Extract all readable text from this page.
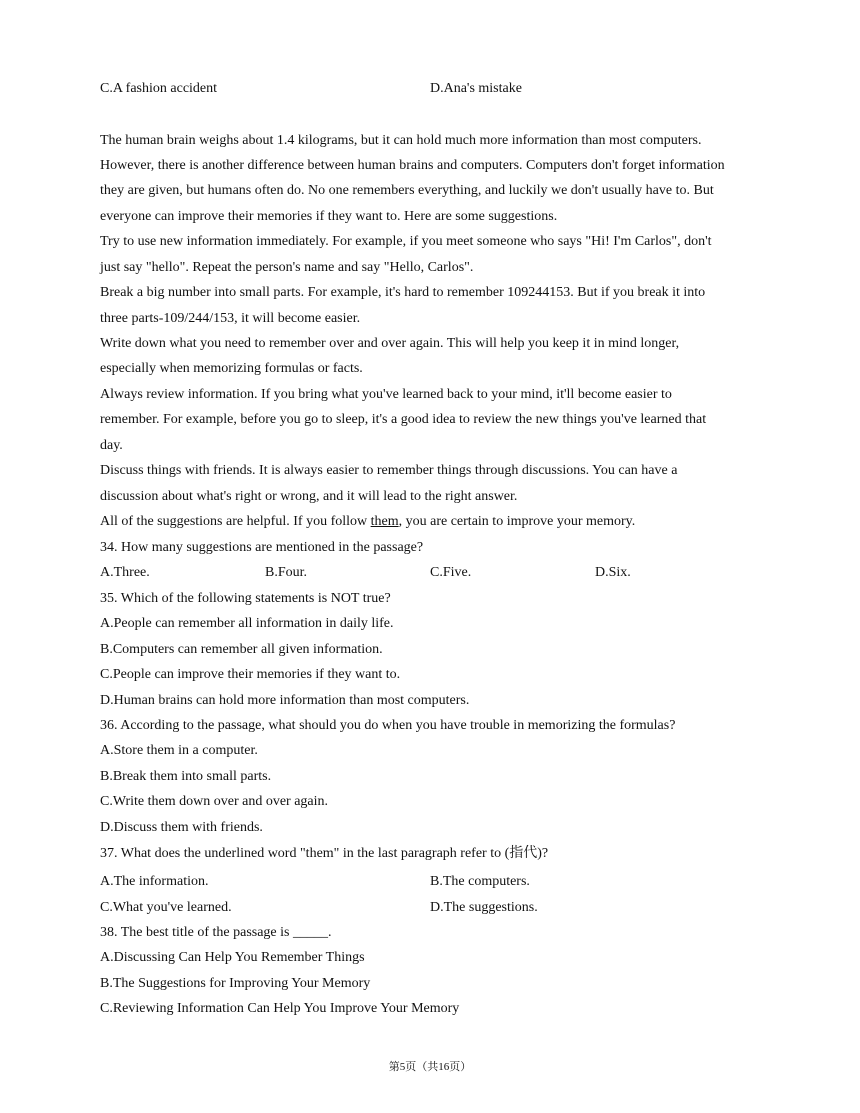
C.A fashion accident	D.Ana's mistake
The human brain weighs about 1.4 kilograms, but it can hold much more information than most computers.
However, there is another difference between human brains and computers. Computers don't forget information
they are given, but humans often do. No one remembers everything, and luckily we don't usually have to. But
everyone can improve their memories if they want to. Here are some suggestions.
Try to use new information immediately. For example, if you meet someone who says "Hi! I'm Carlos", don't
just say "hello". Repeat the person's name and say "Hello, Carlos".
Break a big number into small parts. For example, it's hard to remember 109244153. But if you break it into
three parts-109/244/153, it will become easier.
Write down what you need to remember over and over again. This will help you keep it in mind longer,
especially when memorizing formulas or facts.
Always review information. If you bring what you've learned back to your mind, it'll become easier to
remember. For example, before you go to sleep, it's a good idea to review the new things you've learned that
day.
Discuss things with friends. It is always easier to remember things through discussions. You can have a
discussion about what's right or wrong, and it will lead to the right answer.
All of the suggestions are helpful. If you follow them, you are certain to improve your memory.
34. How many suggestions are mentioned in the passage?
A.Three.	B.Four.	C.Five.	D.Six.
35. Which of the following statements is NOT true?
A.People can remember all information in daily life.
B.Computers can remember all given information.
C.People can improve their memories if they want to.
D.Human brains can hold more information than most computers.
36. According to the passage, what should you do when you have trouble in memorizing the formulas?
A.Store them in a computer.
B.Break them into small parts.
C.Write them down over and over again.
D.Discuss them with friends.
37. What does the underlined word "them" in the last paragraph refer to (指代)?
A.The information.	B.The computers.
C.What you've learned.	D.The suggestions.
38. The best title of the passage is _____.
A.Discussing Can Help You Remember Things
B.The Suggestions for Improving Your Memory
C.Reviewing Information Can Help You Improve Your Memory
第5页（共16页）
